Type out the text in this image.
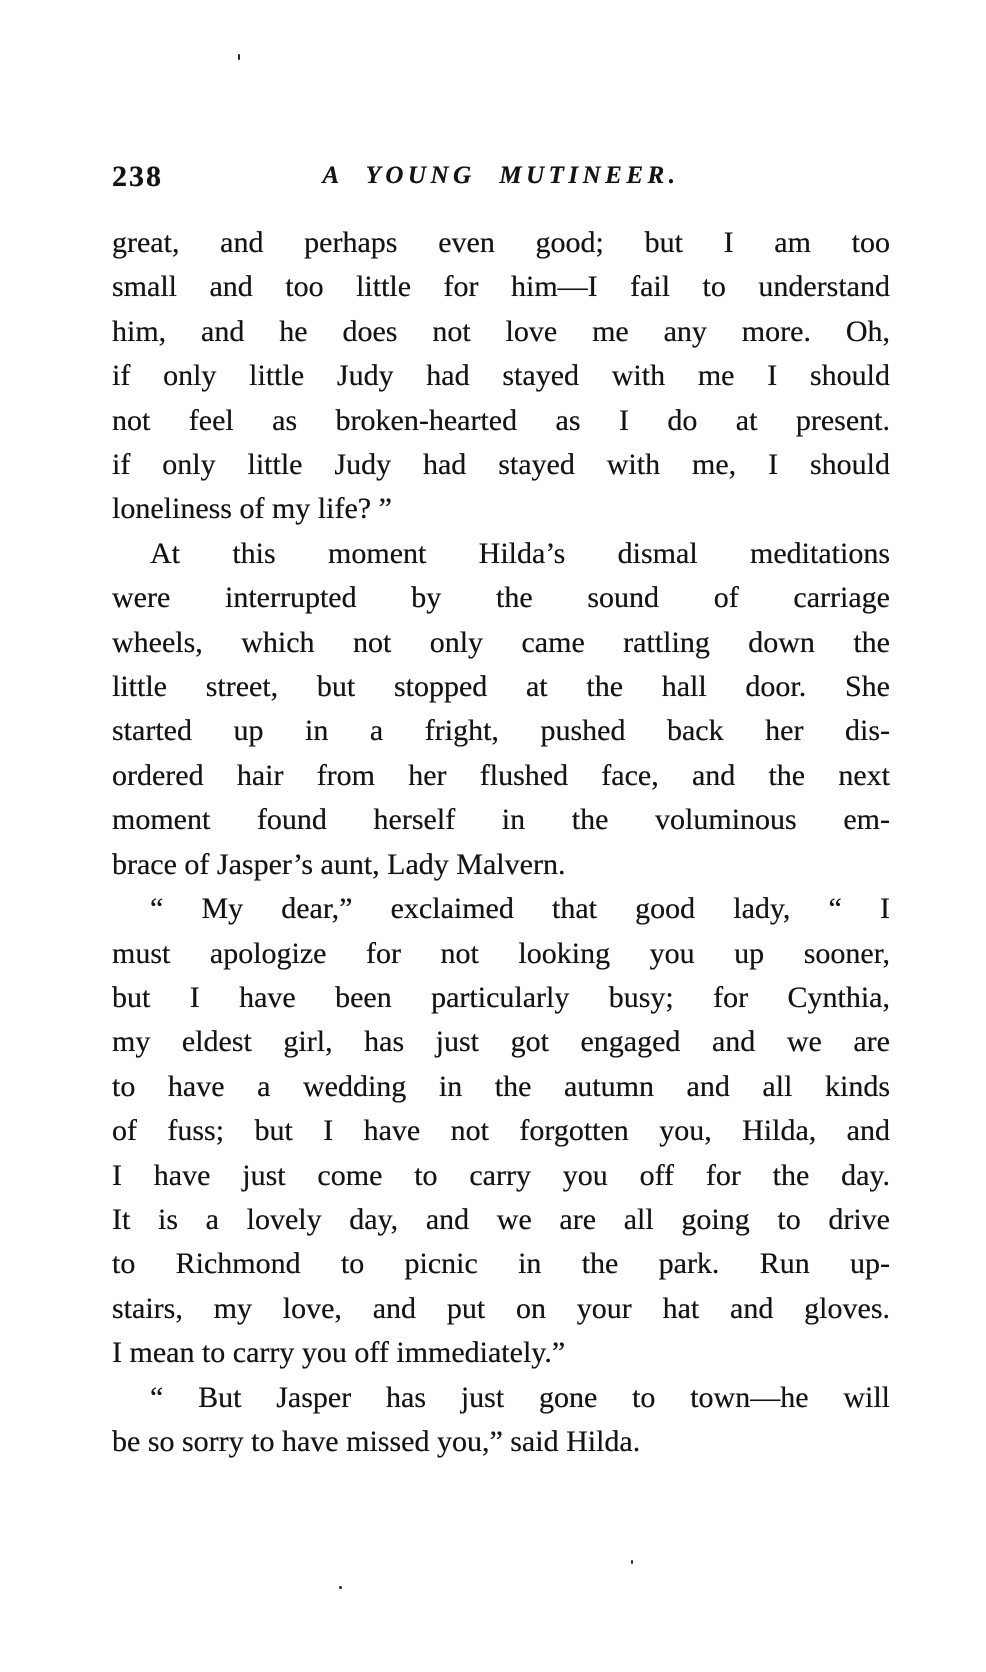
238	A YOUNG MUTINEER.
great, and perhaps even good; but I am too
small and too little for him—I fail to understand
him, and he does not love me any more. Oh,
if only little Judy had stayed with me I should
not feel as broken-hearted as I do at present.
if only little Judy had stayed with me, I should
loneliness of my life? ”
At this moment Hilda’s dismal meditations
were interrupted by the sound of carriage
wheels, which not only came rattling down the
little street, but stopped at the hall door. She
started up in a fright, pushed back her dis-
ordered hair from her flushed face, and the next
moment found herself in the voluminous em-
brace of Jasper’s aunt, Lady Malvern.
“ My dear,” exclaimed that good lady, “ I
must apologize for not looking you up sooner,
but I have been particularly busy; for Cynthia,
my eldest girl, has just got engaged and we are
to have a wedding in the autumn and all kinds
of fuss; but I have not forgotten you, Hilda, and
I have just come to carry you off for the day.
It is a lovely day, and we are all going to drive
to Richmond to picnic in the park. Run up-
stairs, my love, and put on your hat and gloves.
I mean to carry you off immediately.”
“ But Jasper has just gone to town—he will
be so sorry to have missed you,” said Hilda.
